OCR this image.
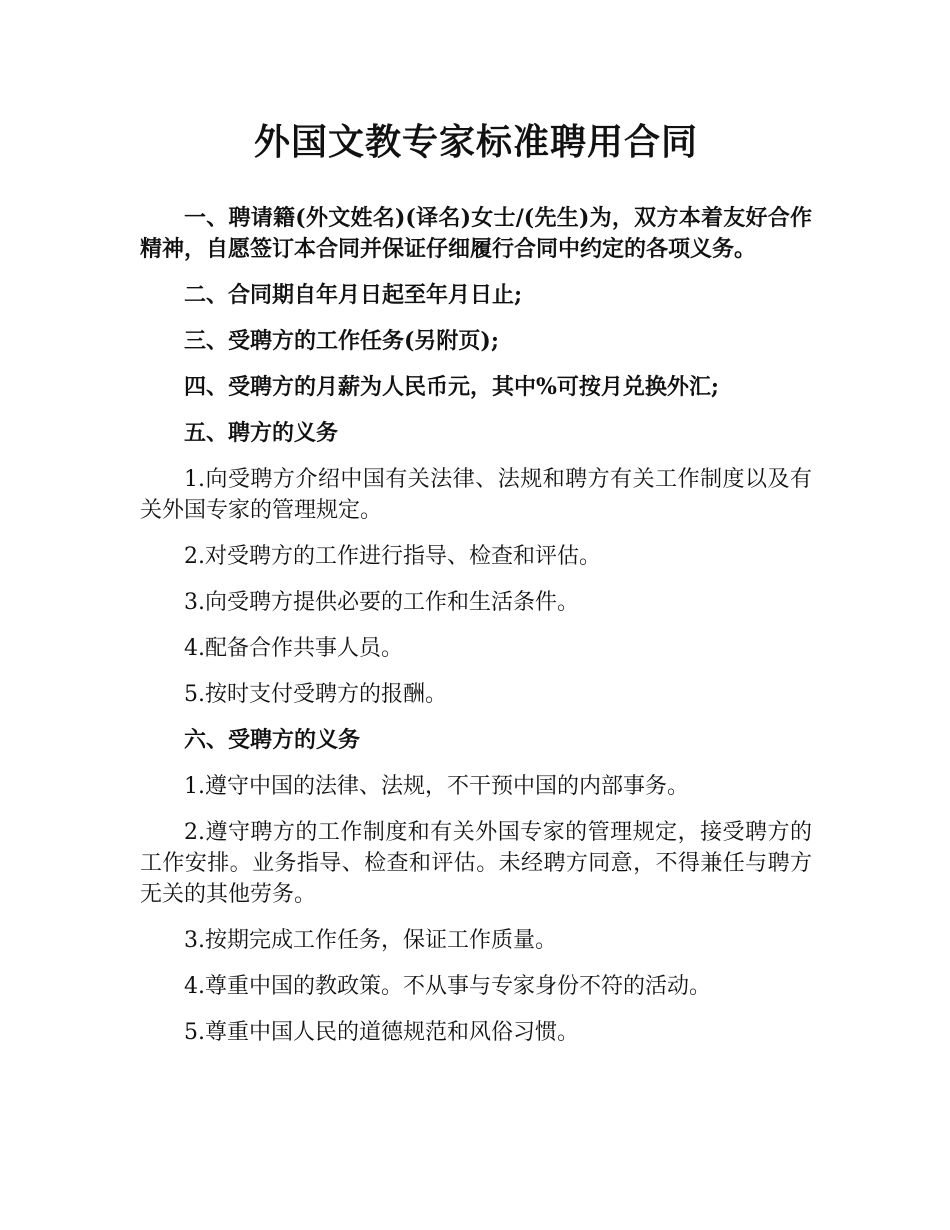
外国文教专家标准聘用合同

一、聘请籍(外文姓名)(译名)女士/(先生)为，双方本着友好合作精神，自愿签订本合同并保证仔细履行合同中约定的各项义务。

二、合同期自年月日起至年月日止;

三、受聘方的工作任务(另附页);

四、受聘方的月薪为人民币元，其中%可按月兑换外汇;

五、聘方的义务

1.向受聘方介绍中国有关法律、法规和聘方有关工作制度以及有关外国专家的管理规定。

2.对受聘方的工作进行指导、检查和评估。

3.向受聘方提供必要的工作和生活条件。

4.配备合作共事人员。

5.按时支付受聘方的报酬。

六、受聘方的义务

1.遵守中国的法律、法规，不干预中国的内部事务。

2.遵守聘方的工作制度和有关外国专家的管理规定，接受聘方的工作安排。业务指导、检查和评估。未经聘方同意，不得兼任与聘方无关的其他劳务。

3.按期完成工作任务，保证工作质量。

4.尊重中国的教政策。不从事与专家身份不符的活动。

5.尊重中国人民的道德规范和风俗习惯。
